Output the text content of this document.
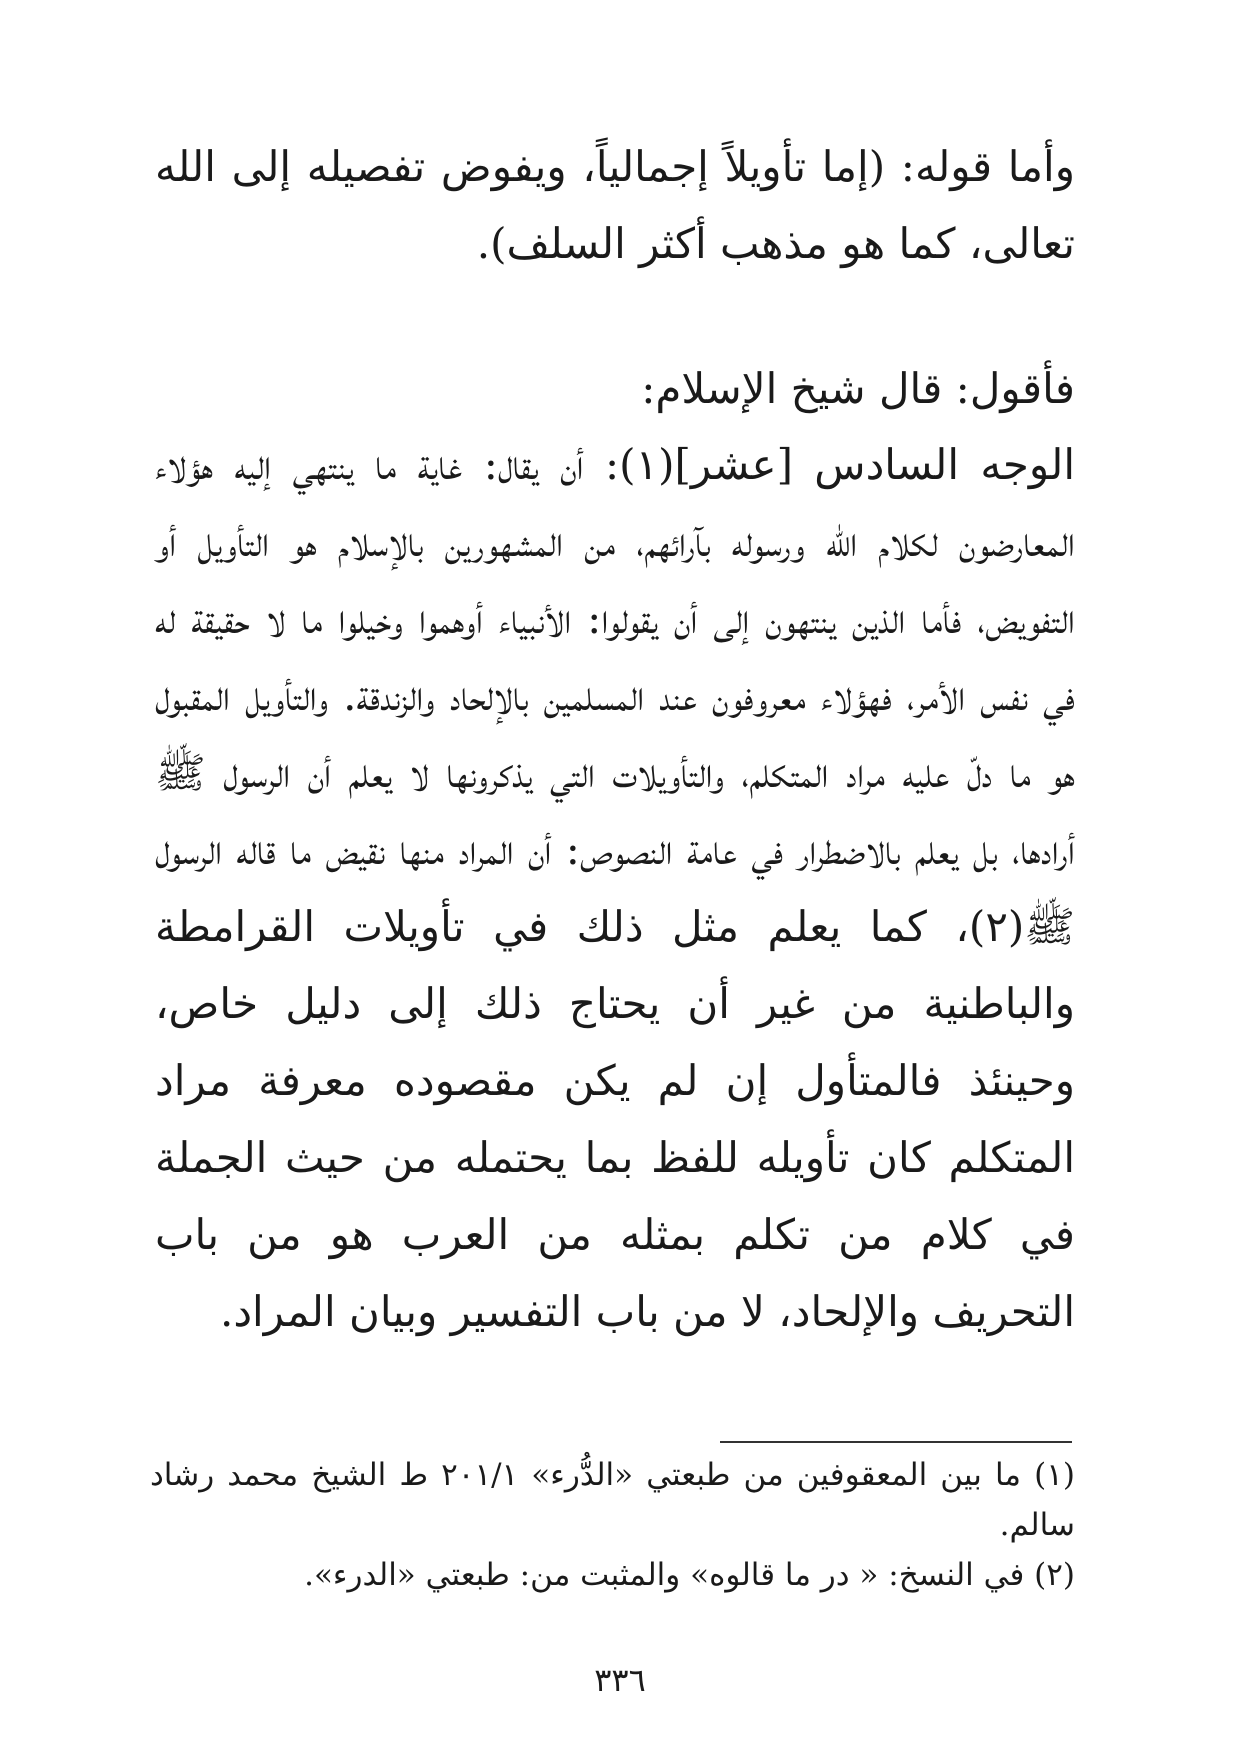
وأما قوله: (إما تأويلاً إجمالياً، ويفوض تفصيله إلى الله تعالى، كما هو مذهب أكثر السلف).

فأقول: قال شيخ الإسلام:

الوجه السادس [عشر](١): أن يقال: غاية ما ينتهي إليه هؤلاء المعارضون لكلام الله ورسوله بآرائهم، من المشهورين بالإسلام هو التأويل أو التفويض، فأما الذين ينتهون إلى أن يقولوا: الأنبياء أوهموا وخيلوا ما لا حقيقة له في نفس الأمر، فهؤلاء معروفون عند المسلمين بالإلحاد والزندقة. والتأويل المقبول هو ما دلّ عليه مراد المتكلم، والتأويلات التي يذكرونها لا يعلم أن الرسول ﷺ أرادها، بل يعلم بالاضطرار في عامة النصوص: أن المراد منها نقيض ما قاله الرسول ﷺ(٢)، كما يعلم مثل ذلك في تأويلات القرامطة والباطنية من غير أن يحتاج ذلك إلى دليل خاص، وحينئذ فالمتأول إن لم يكن مقصوده معرفة مراد المتكلم كان تأويله للفظ بما يحتمله من حيث الجملة في كلام من تكلم بمثله من العرب هو من باب التحريف والإلحاد، لا من باب التفسير وبيان المراد.

(١) ما بين المعقوفين من طبعتي «الدُّرء» ٢٠١/١ ط الشيخ محمد رشاد سالم.

(٢) في النسخ: « در ما قالوه» والمثبت من: طبعتي «الدرء».

٣٣٦
